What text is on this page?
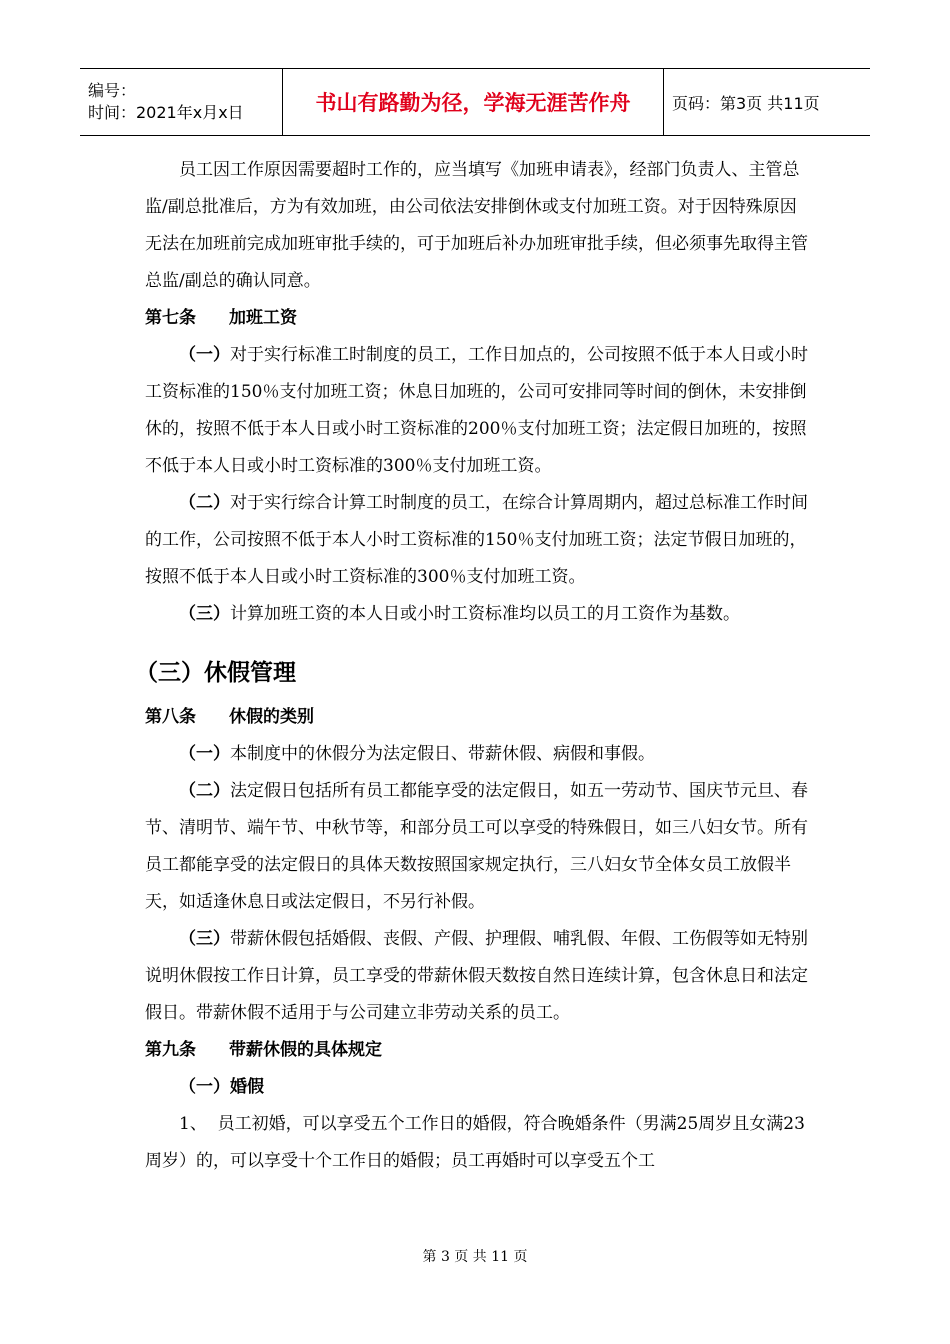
编号：
时间：2021年x月x日	书山有路勤为径，学海无涯苦作舟	页码：第3页 共11页

员工因工作原因需要超时工作的，应当填写《加班申请表》，经部门负责人、主管总监/副总批准后，方为有效加班，由公司依法安排倒休或支付加班工资。对于因特殊原因无法在加班前完成加班审批手续的，可于加班后补办加班审批手续，但必须事先取得主管总监/副总的确认同意。

第七条 加班工资

（一）对于实行标准工时制度的员工，工作日加点的，公司按照不低于本人日或小时工资标准的150％支付加班工资；休息日加班的，公司可安排同等时间的倒休，未安排倒休的，按照不低于本人日或小时工资标准的200％支付加班工资；法定假日加班的，按照不低于本人日或小时工资标准的300％支付加班工资。

（二）对于实行综合计算工时制度的员工，在综合计算周期内，超过总标准工作时间的工作，公司按照不低于本人小时工资标准的150％支付加班工资；法定节假日加班的，按照不低于本人日或小时工资标准的300％支付加班工资。

（三）计算加班工资的本人日或小时工资标准均以员工的月工资作为基数。

（三）休假管理

第八条 休假的类别

（一）本制度中的休假分为法定假日、带薪休假、病假和事假。

（二）法定假日包括所有员工都能享受的法定假日，如五一劳动节、国庆节元旦、春节、清明节、端午节、中秋节等，和部分员工可以享受的特殊假日，如三八妇女节。所有员工都能享受的法定假日的具体天数按照国家规定执行，三八妇女节全体女员工放假半天，如适逢休息日或法定假日，不另行补假。

（三）带薪休假包括婚假、丧假、产假、护理假、哺乳假、年假、工伤假等如无特别说明休假按工作日计算，员工享受的带薪休假天数按自然日连续计算，包含休息日和法定假日。带薪休假不适用于与公司建立非劳动关系的员工。

第九条 带薪休假的具体规定

（一）婚假

1、 员工初婚，可以享受五个工作日的婚假，符合晚婚条件（男满25周岁且女满23周岁）的，可以享受十个工作日的婚假；员工再婚时可以享受五个工

第 3 页 共 11 页
